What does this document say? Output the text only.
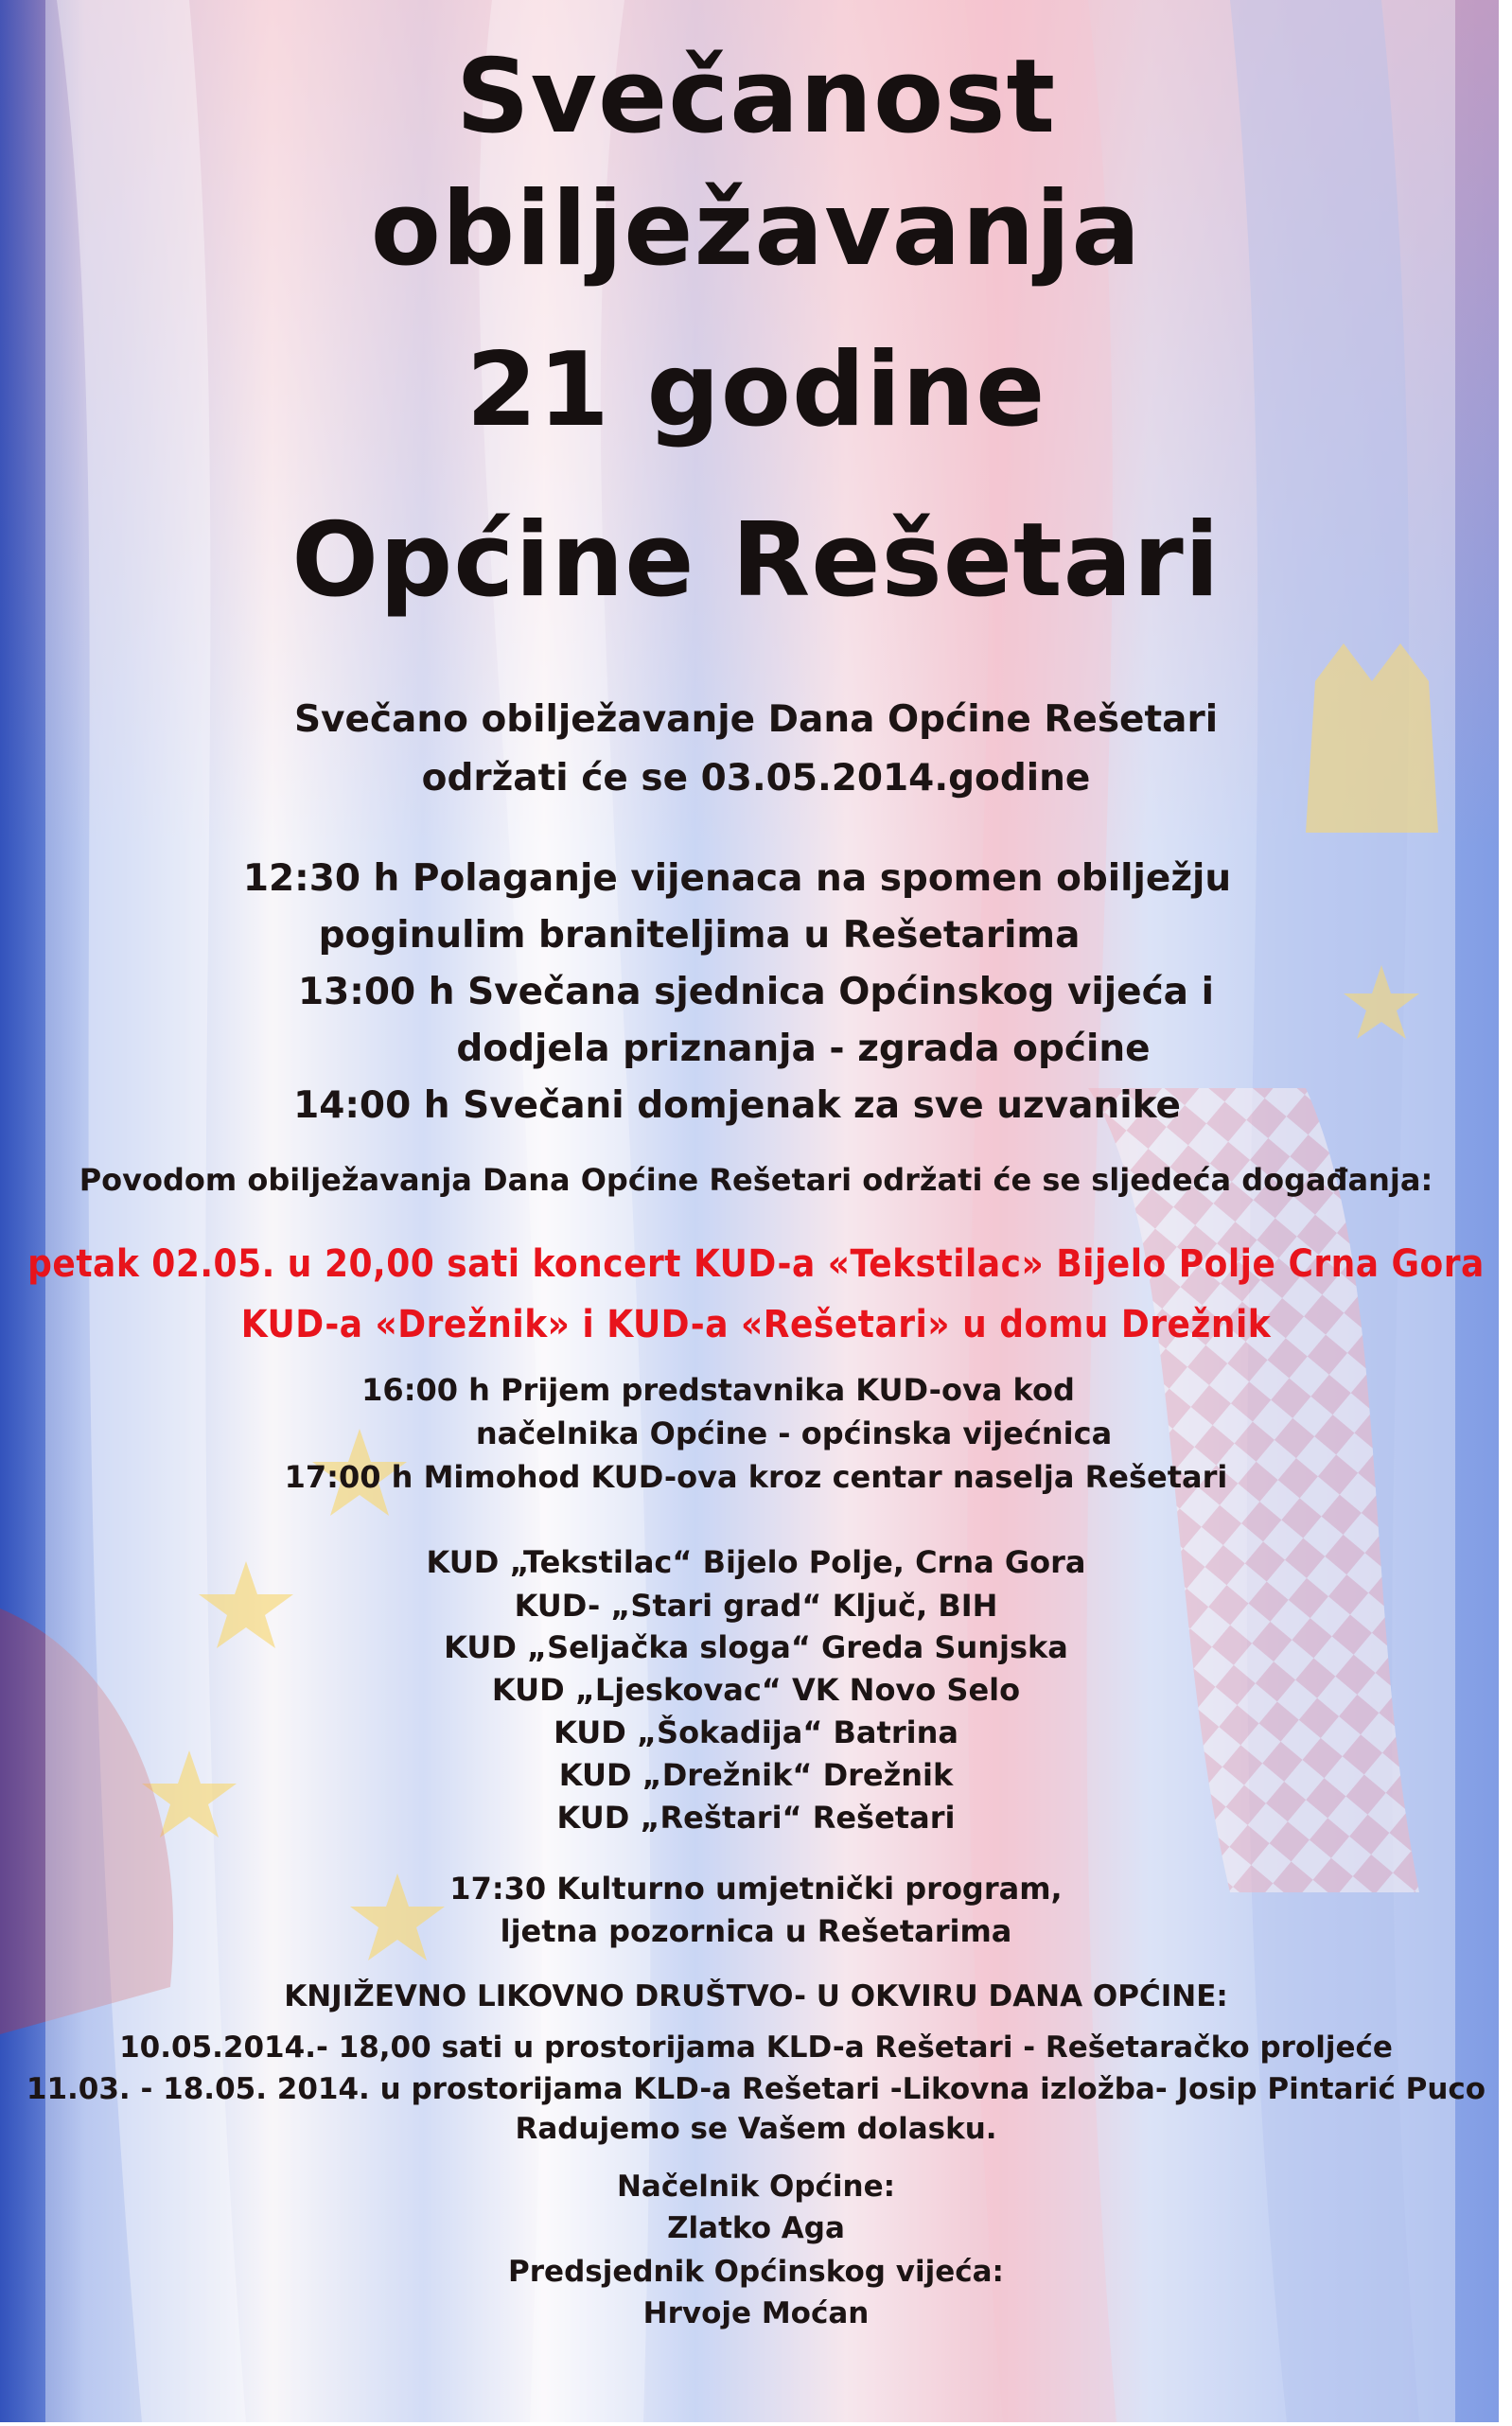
Svečanost
obilježavanja
21 godine
Općine Rešetari
Svečano obilježavanje Dana Općine Rešetari
održati će se 03.05.2014.godine
12:30 h Polaganje vijenaca na spomen obilježju
poginulim braniteljima u Rešetarima
13:00 h Svečana sjednica Općinskog vijeća i
dodjela priznanja - zgrada općine
14:00 h Svečani domjenak za sve uzvanike
Povodom obilježavanja Dana Općine Rešetari održati će se sljedeća događanja:
petak 02.05. u 20,00 sati koncert KUD-a «Tekstilac» Bijelo Polje Crna Gora
KUD-a «Drežnik» i KUD-a «Rešetari» u domu Drežnik
16:00 h Prijem predstavnika KUD-ova kod
načelnika Općine - općinska vijećnica
17:00 h Mimohod KUD-ova kroz centar naselja Rešetari
KUD „Tekstilac“ Bijelo Polje, Crna Gora
KUD- „Stari grad“ Ključ, BIH
KUD „Seljačka sloga“ Greda Sunjska
KUD „Ljeskovac“ VK Novo Selo
KUD „Šokadija“ Batrina
KUD „Drežnik“ Drežnik
KUD „Reštari“ Rešetari
17:30 Kulturno umjetnički program,
ljetna pozornica u Rešetarima
KNJIŽEVNO LIKOVNO DRUŠTVO- U OKVIRU DANA OPĆINE:
10.05.2014.- 18,00 sati u prostorijama KLD-a Rešetari - Rešetaračko proljeće
11.03. - 18.05. 2014. u prostorijama KLD-a Rešetari -Likovna izložba- Josip Pintarić Puco
Radujemo se Vašem dolasku.
Načelnik Općine:
Zlatko Aga
Predsjednik Općinskog vijeća:
Hrvoje Moćan
